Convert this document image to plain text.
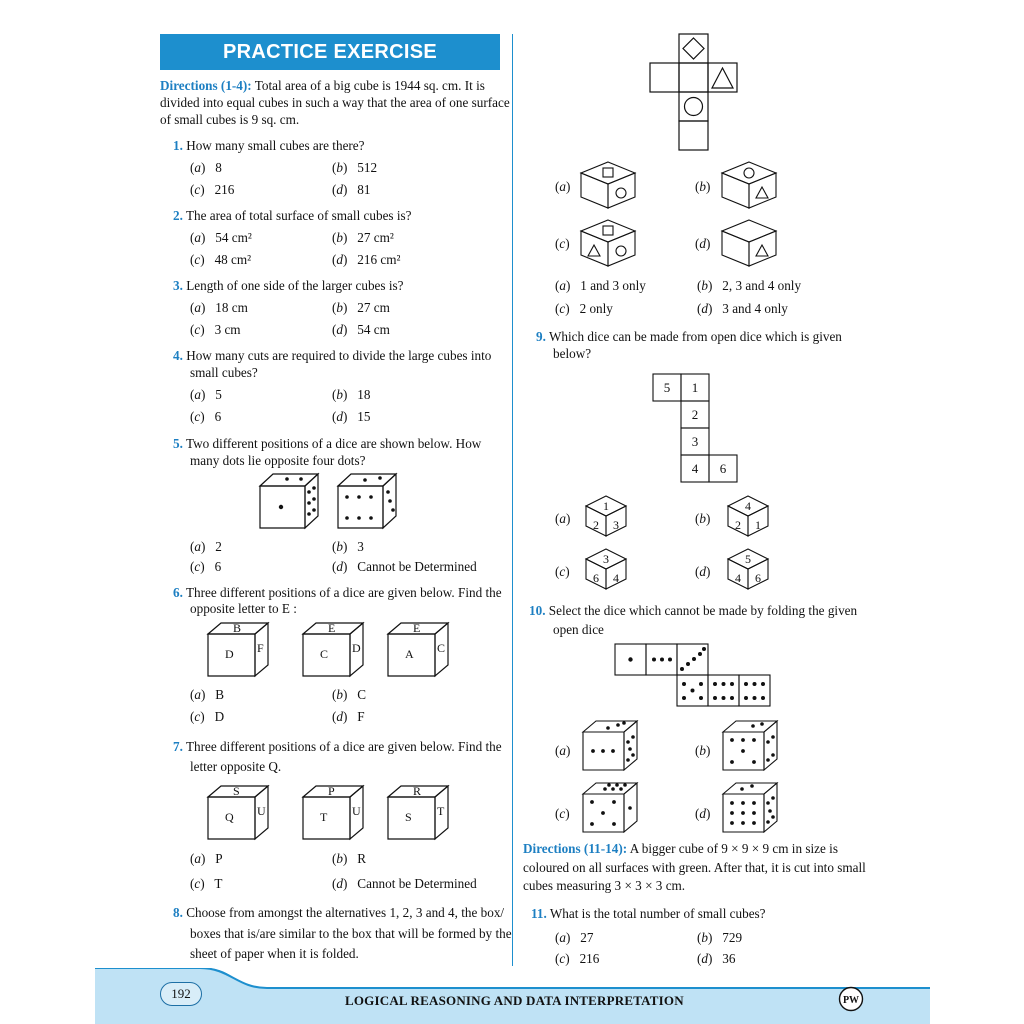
PRACTICE EXERCISE
Directions (1-4): Total area of a big cube is 1944 sq. cm. It is
divided into equal cubes in such a way that the area of one surface
of small cubes is 9 sq. cm.
1. How many small cubes are there?
(a)   8	(b)   512
(c)   216	(d)   81
2. The area of total surface of small cubes is?
(a)   54 cm²	(b)   27 cm²
(c)   48 cm²	(d)   216 cm²
3. Length of one side of the larger cubes is?
(a)   18 cm	(b)   27 cm
(c)   3 cm	(d)   54 cm
4. How many cuts are required to divide the large cubes into
small cubes?
(a)   5	(b)   18
(c)   6	(d)   15
5. Two different positions of a dice are shown below. How
many dots lie opposite four dots?
(a)   2	(b)   3
(c)   6	(d)   Cannot be Determined
6. Three different positions of a dice are given below. Find the
opposite letter to E :
B
D F
E
C D
E
A C
(a)   B	(b)   C
(c)   D	(d)   F
7. Three different positions of a dice are given below. Find the
letter opposite Q.
S
Q U
P
T U
R
S T
(a)   P	(b)   R
(c)   T	(d)   Cannot be Determined
8. Choose from amongst the alternatives 1, 2, 3 and 4, the box/
boxes that is/are similar to the box that will be formed by the
sheet of paper when it is folded.
(a)	(b)
(c)	(d)
(a)   1 and 3 only	(b)   2, 3 and 4 only
(c)   2 only	(d)   3 and 4 only
9. Which dice can be made from open dice which is given
below?
5 1
2
3
4 6
(a)
1
2 3	(b)
4
2 1
(c)
3
6 4	(d)
5
4 6
10. Select the dice which cannot be made by folding the given
open dice
(a)	(b)
(c)	(d)
Directions (11-14): A bigger cube of 9 × 9 × 9 cm in size is
coloured on all surfaces with green. After that, it is cut into small
cubes measuring 3 × 3 × 3 cm.
11. What is the total number of small cubes?
(a)   27	(b)   729
(c)   216	(d)   36
192	LOGICAL REASONING AND DATA INTERPRETATION	PW
